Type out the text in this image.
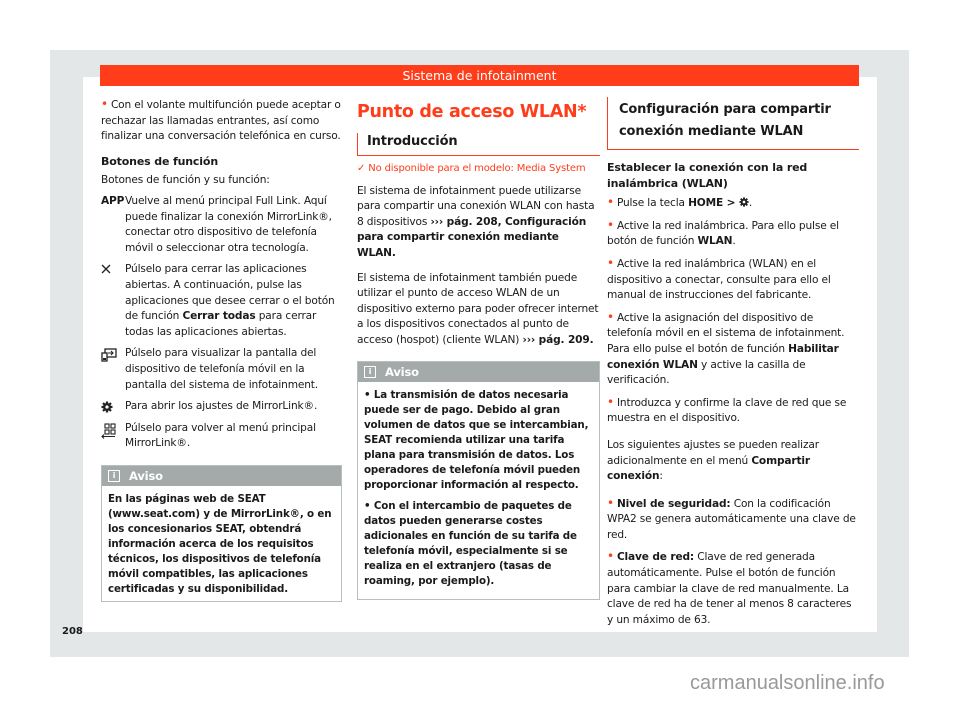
Sistema de infotainment

• Con el volante multifunción puede aceptar o rechazar las llamadas entrantes, así como finalizar una conversación telefónica en curso.

Botones de función

Botones de función y su función:

APP Vuelve al menú principal Full Link. Aquí puede finalizar la conexión MirrorLink®, conectar otro dispositivo de telefonía móvil o seleccionar otra tecnología.
Púlselo para cerrar las aplicaciones abiertas. A continuación, pulse las aplicaciones que desee cerrar o el botón de función Cerrar todas para cerrar todas las aplicaciones abiertas.
Púlselo para visualizar la pantalla del dispositivo de telefonía móvil en la pantalla del sistema de infotainment.
Para abrir los ajustes de MirrorLink®.
Púlselo para volver al menú principal MirrorLink®.
i	Aviso
En las páginas web de SEAT (www.seat.com) y de MirrorLink®, o en los concesionarios SEAT, obtendrá información acerca de los requisitos técnicos, los dispositivos de telefonía móvil compatibles, las aplicaciones certificadas y su disponibilidad.
Punto de acceso WLAN*
Introducción
✓ No disponible para el modelo: Media System

El sistema de infotainment puede utilizarse para compartir una conexión WLAN con hasta 8 dispositivos ››› pág. 208, Configuración para compartir conexión mediante WLAN.

El sistema de infotainment también puede utilizar el punto de acceso WLAN de un dispositivo externo para poder ofrecer internet a los dispositivos conectados al punto de acceso (hospot) (cliente WLAN) ››› pág. 209.

i	Aviso

• La transmisión de datos necesaria puede ser de pago. Debido al gran volumen de datos que se intercambian, SEAT recomienda utilizar una tarifa plana para transmisión de datos. Los operadores de telefonía móvil pueden proporcionar información al respecto.

• Con el intercambio de paquetes de datos pueden generarse costes adicionales en función de su tarifa de telefonía móvil, especialmente si se realiza en el extranjero (tasas de roaming, por ejemplo).

Configuración para compartir conexión mediante WLAN
Establecer la conexión con la red inalámbrica (WLAN)

• Pulse la tecla HOME > .

• Active la red inalámbrica. Para ello pulse el botón de función WLAN.

• Active la red inalámbrica (WLAN) en el dispositivo a conectar, consulte para ello el manual de instrucciones del fabricante.

• Active la asignación del dispositivo de telefonía móvil en el sistema de infotainment. Para ello pulse el botón de función Habilitar conexión WLAN y active la casilla de verificación.

• Introduzca y confirme la clave de red que se muestra en el dispositivo.

Los siguientes ajustes se pueden realizar adicionalmente en el menú Compartir conexión:

• Nivel de seguridad: Con la codificación WPA2 se genera automáticamente una clave de red.

• Clave de red: Clave de red generada automáticamente. Pulse el botón de función para cambiar la clave de red manualmente. La clave de red ha de tener al menos 8 caracteres y un máximo de 63.

208
carmanualsonline.info
